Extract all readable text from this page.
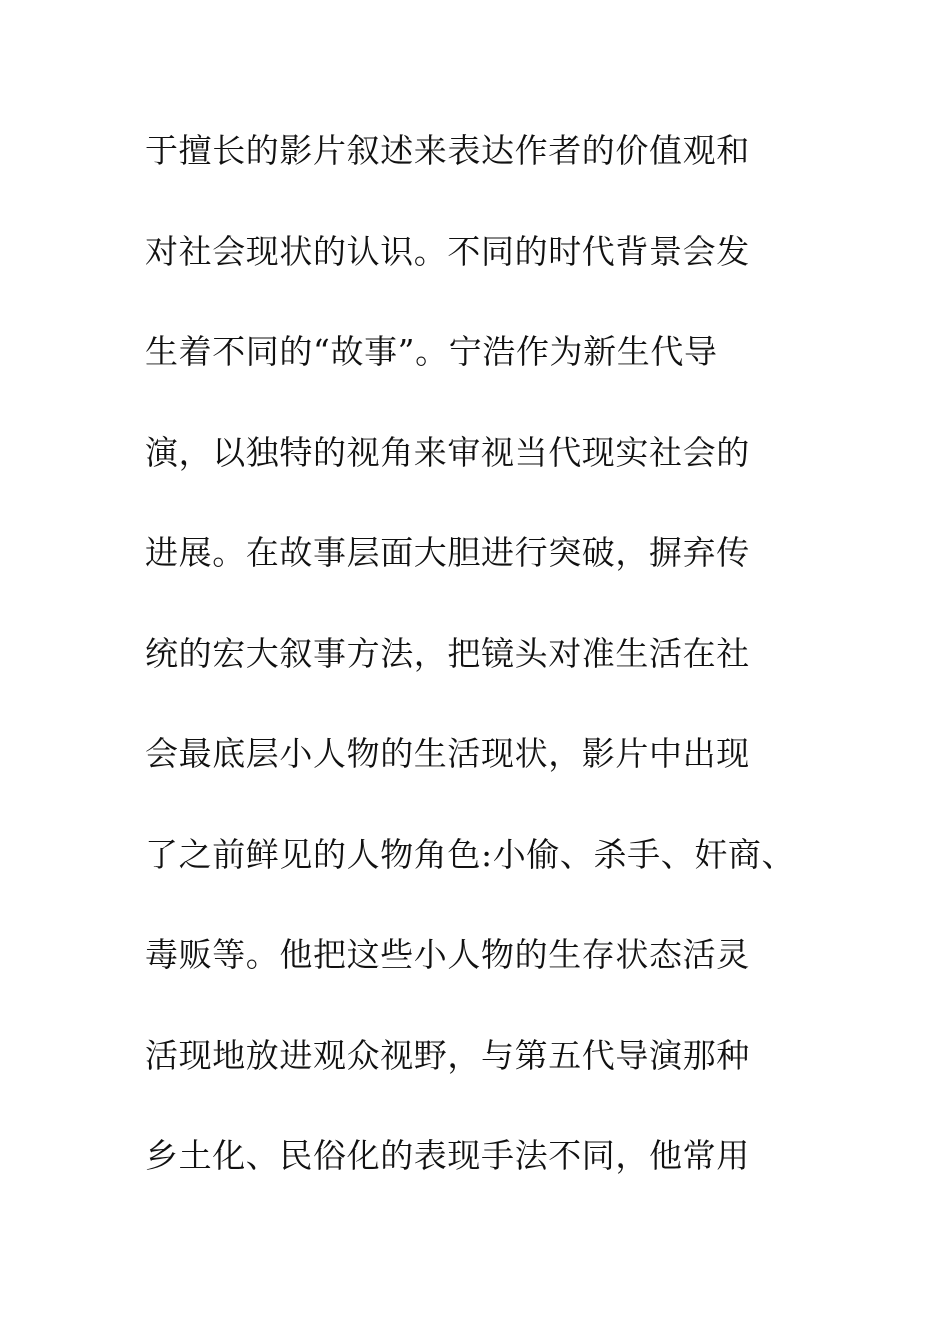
于擅长的影片叙述来表达作者的价值观和
对社会现状的认识。不同的时代背景会发
生着不同的“故事”。宁浩作为新生代导
演，以独特的视角来审视当代现实社会的
进展。在故事层面大胆进行突破，摒弃传
统的宏大叙事方法，把镜头对准生活在社
会最底层小人物的生活现状，影片中出现
了之前鲜见的人物角色:小偷、杀手、奸商、
毒贩等。他把这些小人物的生存状态活灵
活现地放进观众视野，与第五代导演那种
乡土化、民俗化的表现手法不同，他常用
